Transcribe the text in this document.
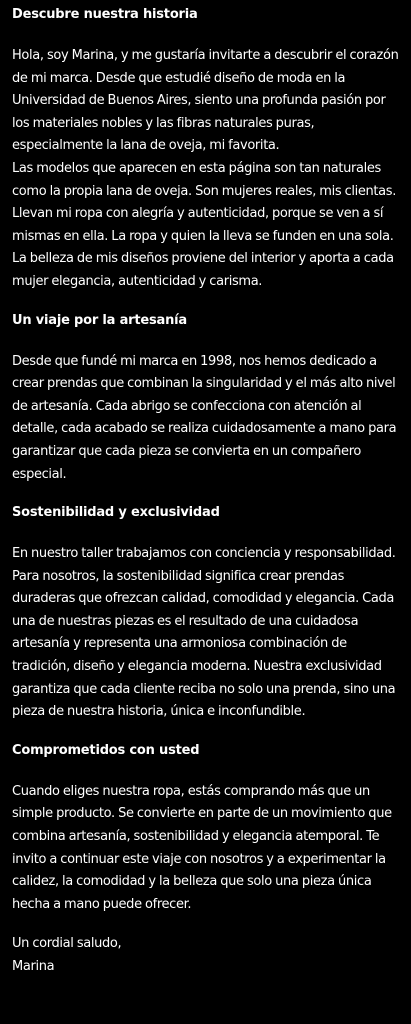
Descubre nuestra historia

Hola, soy Marina, y me gustaría invitarte a descubrir el corazón de mi marca. Desde que estudié diseño de moda en la Universidad de Buenos Aires, siento una profunda pasión por los materiales nobles y las fibras naturales puras, especialmente la lana de oveja, mi favorita.

Las modelos que aparecen en esta página son tan naturales como la propia lana de oveja. Son mujeres reales, mis clientas. Llevan mi ropa con alegría y autenticidad, porque se ven a sí mismas en ella. La ropa y quien la lleva se funden en una sola. La belleza de mis diseños proviene del interior y aporta a cada mujer elegancia, autenticidad y carisma.

Un viaje por la artesanía

Desde que fundé mi marca en 1998, nos hemos dedicado a crear prendas que combinan la singularidad y el más alto nivel de artesanía. Cada abrigo se confecciona con atención al detalle, cada acabado se realiza cuidadosamente a mano para garantizar que cada pieza se convierta en un compañero especial.

Sostenibilidad y exclusividad

En nuestro taller trabajamos con conciencia y responsabilidad. Para nosotros, la sostenibilidad significa crear prendas duraderas que ofrezcan calidad, comodidad y elegancia. Cada una de nuestras piezas es el resultado de una cuidadosa artesanía y representa una armoniosa combinación de tradición, diseño y elegancia moderna. Nuestra exclusividad garantiza que cada cliente reciba no solo una prenda, sino una pieza de nuestra historia, única e inconfundible.

Comprometidos con usted

Cuando eliges nuestra ropa, estás comprando más que un simple producto. Se convierte en parte de un movimiento que combina artesanía, sostenibilidad y elegancia atemporal. Te invito a continuar este viaje con nosotros y a experimentar la calidez, la comodidad y la belleza que solo una pieza única hecha a mano puede ofrecer.

Un cordial saludo,

Marina
